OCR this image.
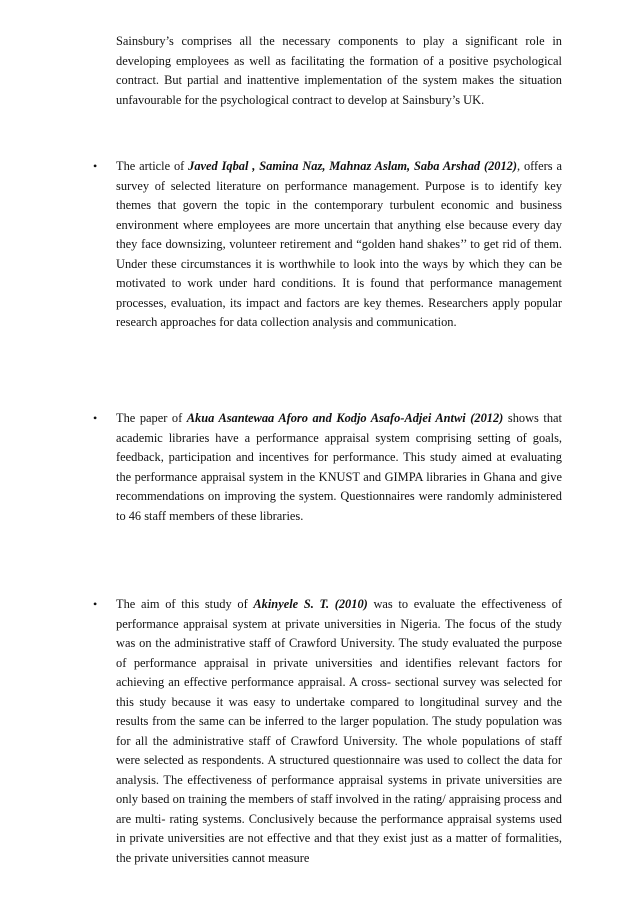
Sainsbury’s comprises all the necessary components to play a significant role in developing employees as well as facilitating the formation of a positive psychological contract. But partial and inattentive implementation of the system makes the situation unfavourable for the psychological contract to develop at Sainsbury’s UK.

• The article of Javed Iqbal , Samina Naz, Mahnaz Aslam, Saba Arshad (2012), offers a survey of selected literature on performance management. Purpose is to identify key themes that govern the topic in the contemporary turbulent economic and business environment where employees are more uncertain that anything else because every day they face downsizing, volunteer retirement and “golden hand shakes’’ to get rid of them. Under these circumstances it is worthwhile to look into the ways by which they can be motivated to work under hard conditions. It is found that performance management processes, evaluation, its impact and factors are key themes. Researchers apply popular research approaches for data collection analysis and communication.

• The paper of Akua Asantewaa Aforo and Kodjo Asafo-Adjei Antwi (2012) shows that academic libraries have a performance appraisal system comprising setting of goals, feedback, participation and incentives for performance. This study aimed at evaluating the performance appraisal system in the KNUST and GIMPA libraries in Ghana and give recommendations on improving the system. Questionnaires were randomly administered to 46 staff members of these libraries.

• The aim of this study of Akinyele S. T. (2010) was to evaluate the effectiveness of performance appraisal system at private universities in Nigeria. The focus of the study was on the administrative staff of Crawford University. The study evaluated the purpose of performance appraisal in private universities and identifies relevant factors for achieving an effective performance appraisal. A cross- sectional survey was selected for this study because it was easy to undertake compared to longitudinal survey and the results from the same can be inferred to the larger population. The study population was for all the administrative staff of Crawford University. The whole populations of staff were selected as respondents. A structured questionnaire was used to collect the data for analysis. The effectiveness of performance appraisal systems in private universities are only based on training the members of staff involved in the rating/ appraising process and are multi- rating systems. Conclusively because the performance appraisal systems used in private universities are not effective and that they exist just as a matter of formalities, the private universities cannot measure
